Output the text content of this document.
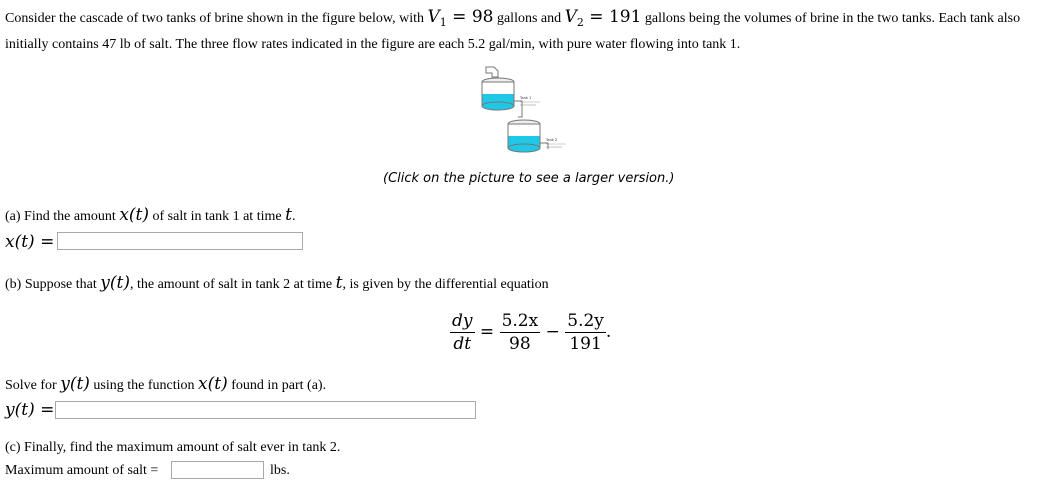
Consider the cascade of two tanks of brine shown in the figure below, with $V_1 = 98$ gallons and $V_2 = 191$ gallons being the volumes of brine in the two tanks. Each tank also initially contains 47 lb of salt. The three flow rates indicated in the figure are each 5.2 gal/min, with pure water flowing into tank 1.
Tank 1
Tank 2
(Click on the picture to see a larger version.)
(a) Find the amount x(t) of salt in tank 1 at time t.
x(t) =
(b) Suppose that y(t), the amount of salt in tank 2 at time t, is given by the differential equation
$\frac{dy}{dt} = \frac{5.2x}{98} - \frac{5.2y}{191}$ .
Solve for y(t) using the function x(t) found in part (a).
y(t) =
(c) Finally, find the maximum amount of salt ever in tank 2.
Maximum amount of salt =	lbs.
